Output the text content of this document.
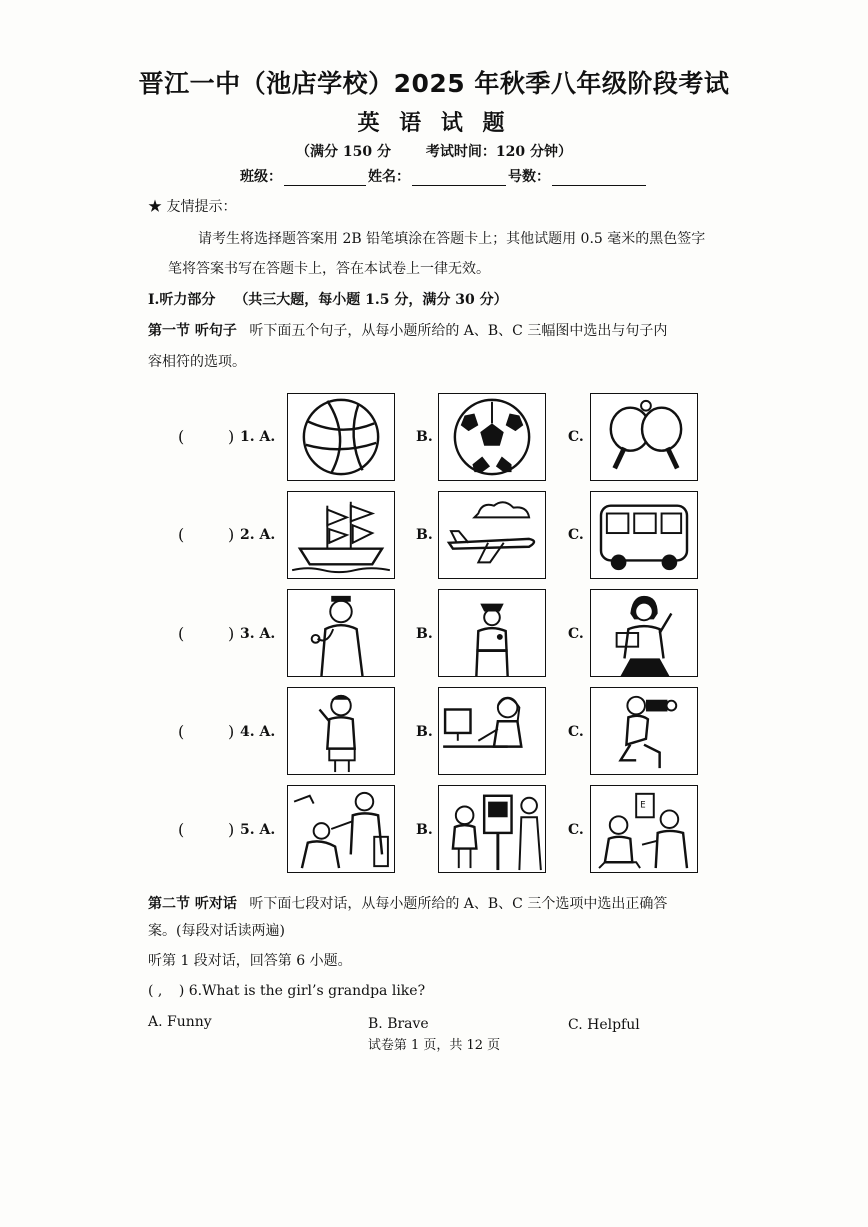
晋江一中（池店学校）2025 年秋季八年级阶段考试
英 语 试 题
（满分 150 分 考试时间：120 分钟）
班级：	姓名：	号数：
★ 友情提示：
请考生将选择题答案用 2B 铅笔填涂在答题卡上；其他试题用 0.5 毫米的黑色签字
笔将答案书写在答题卡上，答在本试卷上一律无效。
I.听力部分 （共三大题，每小题 1.5 分，满分 30 分）
第一节 听句子 听下面五个句子，从每小题所给的 A、B、C 三幅图中选出与句子内
容相符的选项。
(	) 1. A.	B.	C.
(	) 2. A.	B.	C.
(	) 3. A.	B.	C.
(	) 4. A.	B.	C.
(	) 5. A.	B.	C.
E
第二节 听对话 听下面七段对话，从每小题所给的 A、B、C 三个选项中选出正确答
案。(每段对话读两遍)
听第 1 段对话，回答第 6 小题。
( , ) 6.What is the girl’s grandpa like?
A. Funny	B. Brave	C. Helpful
试卷第 1 页，共 12 页
